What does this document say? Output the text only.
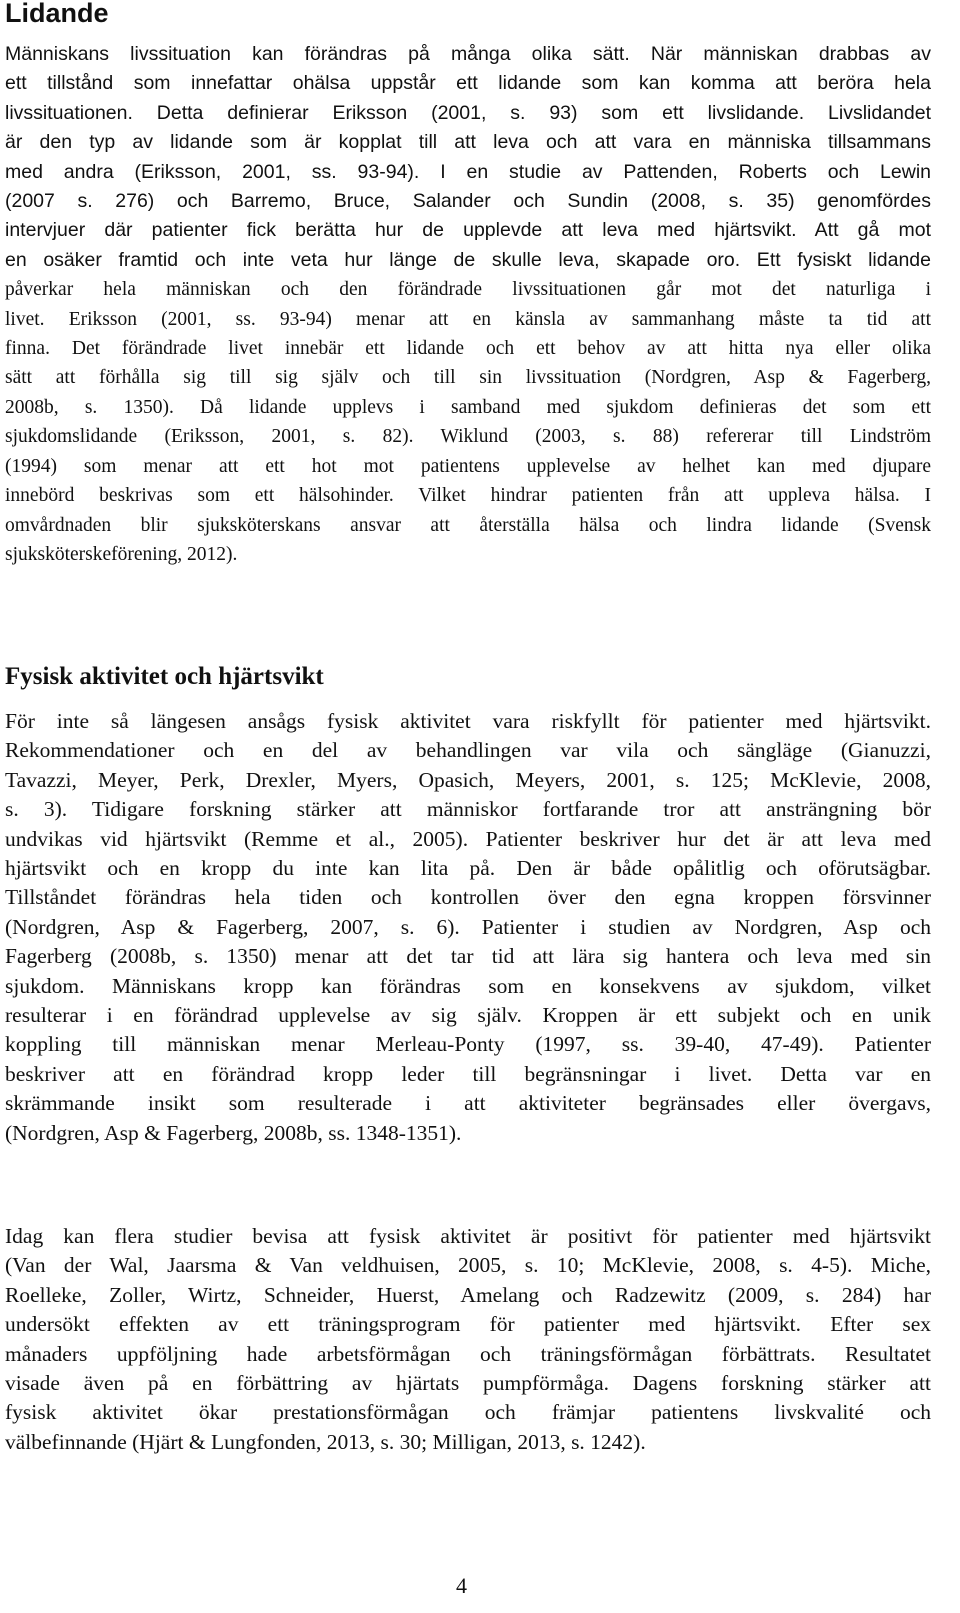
Lidande
Människans livssituation kan förändras på många olika sätt. När människan drabbas av
ett tillstånd som innefattar ohälsa uppstår ett lidande som kan komma att beröra hela
livssituationen. Detta definierar Eriksson (2001, s. 93) som ett livslidande. Livslidandet
är den typ av lidande som är kopplat till att leva och att vara en människa tillsammans
med andra (Eriksson, 2001, ss. 93-94). I en studie av Pattenden, Roberts och Lewin
(2007 s. 276) och Barremo, Bruce, Salander och Sundin (2008, s. 35) genomfördes
intervjuer där patienter fick berätta hur de upplevde att leva med hjärtsvikt. Att gå mot
en osäker framtid och inte veta hur länge de skulle leva, skapade oro. Ett fysiskt lidande
påverkar hela människan och den förändrade livssituationen går mot det naturliga i
livet. Eriksson (2001, ss. 93-94) menar att en känsla av sammanhang måste ta tid att
finna. Det förändrade livet innebär ett lidande och ett behov av att hitta nya eller olika
sätt att förhålla sig till sig själv och till sin livssituation (Nordgren, Asp & Fagerberg,
2008b, s. 1350). Då lidande upplevs i samband med sjukdom definieras det som ett
sjukdomslidande (Eriksson, 2001, s. 82). Wiklund (2003, s. 88) refererar till Lindström
(1994) som menar att ett hot mot patientens upplevelse av helhet kan med djupare
innebörd beskrivas som ett hälsohinder. Vilket hindrar patienten från att uppleva hälsa. I
omvårdnaden blir sjuksköterskans ansvar att återställa hälsa och lindra lidande (Svensk
sjuksköterskeförening, 2012).
Fysisk aktivitet och hjärtsvikt
För inte så längesen ansågs fysisk aktivitet vara riskfyllt för patienter med hjärtsvikt.
Rekommendationer och en del av behandlingen var vila och sängläge (Gianuzzi,
Tavazzi, Meyer, Perk, Drexler, Myers, Opasich, Meyers, 2001, s. 125; McKlevie, 2008,
s. 3). Tidigare forskning stärker att människor fortfarande tror att ansträngning bör
undvikas vid hjärtsvikt (Remme et al., 2005). Patienter beskriver hur det är att leva med
hjärtsvikt och en kropp du inte kan lita på. Den är både opålitlig och oförutsägbar.
Tillståndet förändras hela tiden och kontrollen över den egna kroppen försvinner
(Nordgren, Asp & Fagerberg, 2007, s. 6). Patienter i studien av Nordgren, Asp och
Fagerberg (2008b, s. 1350) menar att det tar tid att lära sig hantera och leva med sin
sjukdom. Människans kropp kan förändras som en konsekvens av sjukdom, vilket
resulterar i en förändrad upplevelse av sig själv. Kroppen är ett subjekt och en unik
koppling till människan menar Merleau-Ponty (1997, ss. 39-40, 47-49). Patienter
beskriver att en förändrad kropp leder till begränsningar i livet. Detta var en
skrämmande insikt som resulterade i att aktiviteter begränsades eller övergavs,
(Nordgren, Asp & Fagerberg, 2008b, ss. 1348-1351).
Idag kan flera studier bevisa att fysisk aktivitet är positivt för patienter med hjärtsvikt
(Van der Wal, Jaarsma & Van veldhuisen, 2005, s. 10; McKlevie, 2008, s. 4-5). Miche,
Roelleke, Zoller, Wirtz, Schneider, Huerst, Amelang och Radzewitz (2009, s. 284) har
undersökt effekten av ett träningsprogram för patienter med hjärtsvikt. Efter sex
månaders uppföljning hade arbetsförmågan och träningsförmågan förbättrats. Resultatet
visade även på en förbättring av hjärtats pumpförmåga. Dagens forskning stärker att
fysisk aktivitet ökar prestationsförmågan och främjar patientens livskvalité och
välbefinnande (Hjärt & Lungfonden, 2013, s. 30; Milligan, 2013, s. 1242).
4
